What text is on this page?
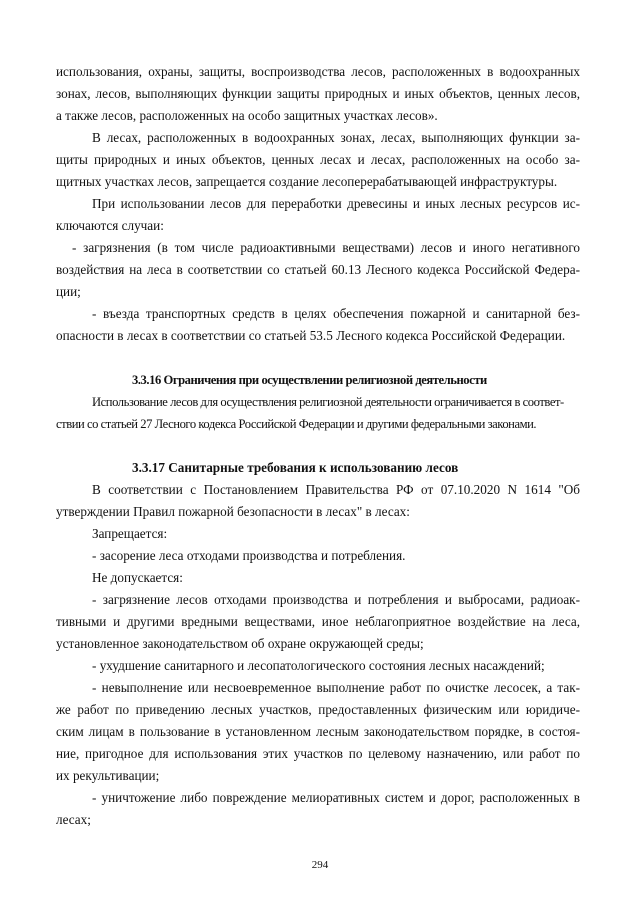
использования, охраны, защиты, воспроизводства лесов, расположенных в водоохранных
зонах, лесов, выполняющих функции защиты природных и иных объектов, ценных лесов,
а также лесов, расположенных на особо защитных участках лесов».
В лесах, расположенных в водоохранных зонах, лесах, выполняющих функции за-
щиты природных и иных объектов, ценных лесах и лесах, расположенных на особо за-
щитных участках лесов, запрещается создание лесоперерабатывающей инфраструктуры.
При использовании лесов для переработки древесины и иных лесных ресурсов ис-
ключаются случаи:
- загрязнения (в том числе радиоактивными веществами) лесов и иного негативного
воздействия на леса в соответствии со статьей 60.13 Лесного кодекса Российской Федера-
ции;
- въезда транспортных средств в целях обеспечения пожарной и санитарной без-
опасности в лесах в соответствии со статьей 53.5 Лесного кодекса Российской Федерации.
3.3.16 Ограничения при осуществлении религиозной деятельности
Использование лесов для осуществления религиозной деятельности ограничивается в соответ-
ствии со статьей 27 Лесного кодекса Российской Федерации и другими федеральными законами.
3.3.17 Санитарные требования к использованию лесов
В соответствии с Постановлением Правительства РФ от 07.10.2020 N 1614 "Об
утверждении Правил пожарной безопасности в лесах" в лесах:
Запрещается:
- засорение леса отходами производства и потребления.
Не допускается:
- загрязнение лесов отходами производства и потребления и выбросами, радиоак-
тивными и другими вредными веществами, иное неблагоприятное воздействие на леса,
установленное законодательством об охране окружающей среды;
- ухудшение санитарного и лесопатологического состояния лесных насаждений;
- невыполнение или несвоевременное выполнение работ по очистке лесосек, а так-
же работ по приведению лесных участков, предоставленных физическим или юридиче-
ским лицам в пользование в установленном лесным законодательством порядке, в состоя-
ние, пригодное для использования этих участков по целевому назначению, или работ по
их рекультивации;
- уничтожение либо повреждение мелиоративных систем и дорог, расположенных в
лесах;
294
